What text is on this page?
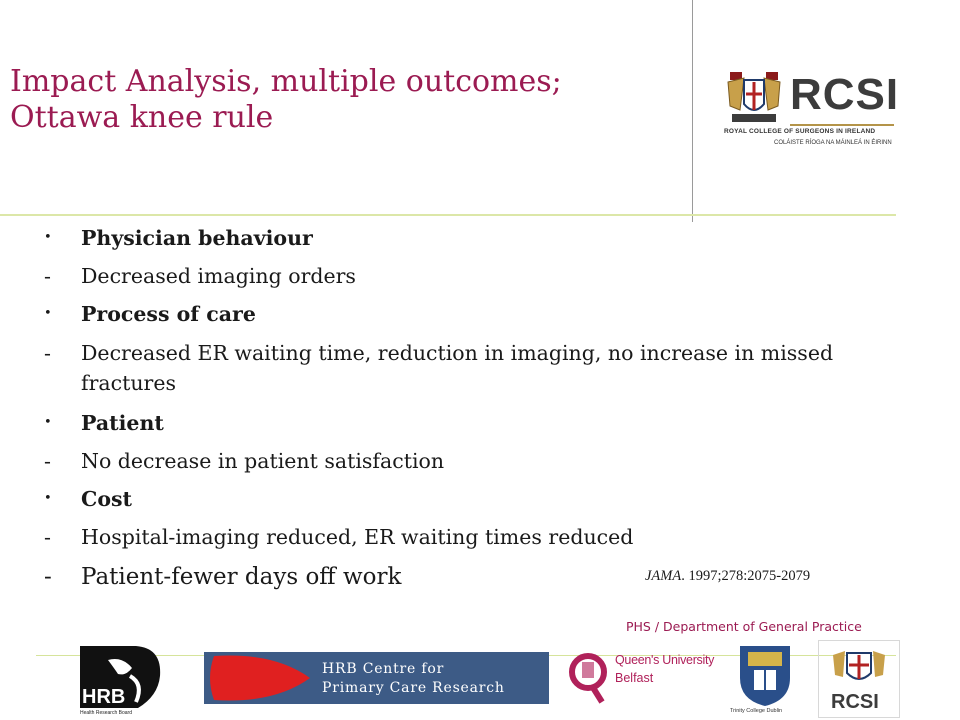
Impact Analysis, multiple outcomes;
Ottawa knee rule	RCSI
ROYAL COLLEGE OF SURGEONS IN IRELAND
COLÁISTE RÍOGA NA MÁINLEÁ IN ÉIRINN
•	Physician behaviour
-	Decreased imaging orders
•	Process of care
-	Decreased ER waiting time, reduction in imaging, no increase in missed
fractures
•	Patient
-	No decrease in patient satisfaction
•	Cost
-	Hospital-imaging reduced, ER waiting times reduced
-	Patient-fewer days off work	JAMA. 1997;278:2075-2079
PHS / Department of General Practice
HRB
Health Research Board
HRB Centre for
Primary Care Research
Queen's University
Belfast
Trinity College Dublin RCSI
